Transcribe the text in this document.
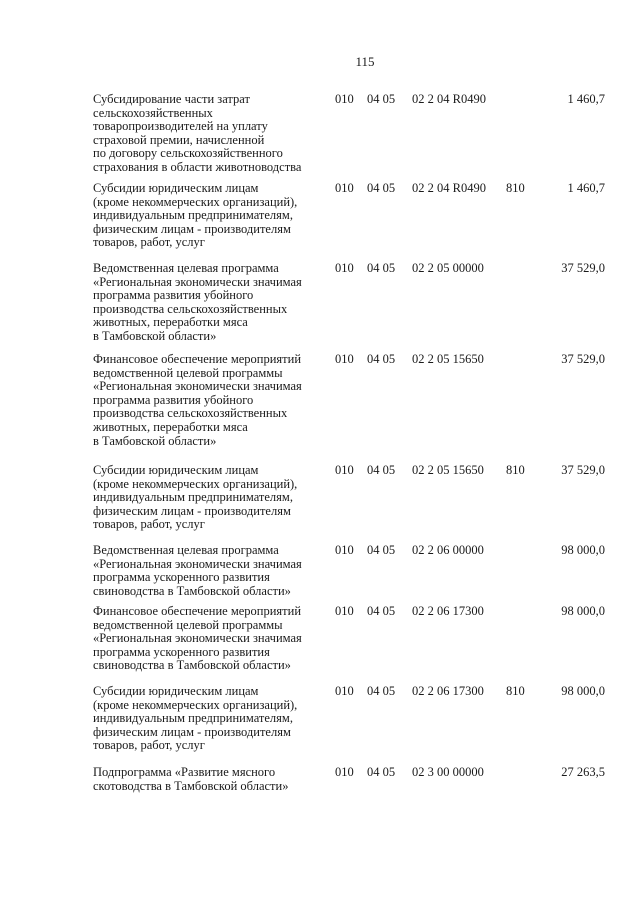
115
Субсидирование части затрат
сельскохозяйственных
товаропроизводителей на уплату
страховой премии, начисленной
по договору сельскохозяйственного
страхования в области животноводства
010 04 05 02 2 04 R0490	1 460,7
Субсидии юридическим лицам
(кроме некоммерческих организаций),
индивидуальным предпринимателям,
физическим лицам - производителям
товаров, работ, услуг
010 04 05 02 2 04 R0490 810	1 460,7
Ведомственная целевая программа
«Региональная экономически значимая
программа развития убойного
производства сельскохозяйственных
животных, переработки мяса
в Тамбовской области»
010 04 05 02 2 05 00000	37 529,0
Финансовое обеспечение мероприятий
ведомственной целевой программы
«Региональная экономически значимая
программа развития убойного
производства сельскохозяйственных
животных, переработки мяса
в Тамбовской области»
010 04 05 02 2 05 15650	37 529,0
Субсидии юридическим лицам
(кроме некоммерческих организаций),
индивидуальным предпринимателям,
физическим лицам - производителям
товаров, работ, услуг
010 04 05 02 2 05 15650 810	37 529,0
Ведомственная целевая программа
«Региональная экономически значимая
программа ускоренного развития
свиноводства в Тамбовской области»
010 04 05 02 2 06 00000	98 000,0
Финансовое обеспечение мероприятий
ведомственной целевой программы
«Региональная экономически значимая
программа ускоренного развития
свиноводства в Тамбовской области»
010 04 05 02 2 06 17300	98 000,0
Субсидии юридическим лицам
(кроме некоммерческих организаций),
индивидуальным предпринимателям,
физическим лицам - производителям
товаров, работ, услуг
010 04 05 02 2 06 17300 810	98 000,0
Подпрограмма «Развитие мясного
скотоводства в Тамбовской области»
010 04 05 02 3 00 00000	27 263,5
